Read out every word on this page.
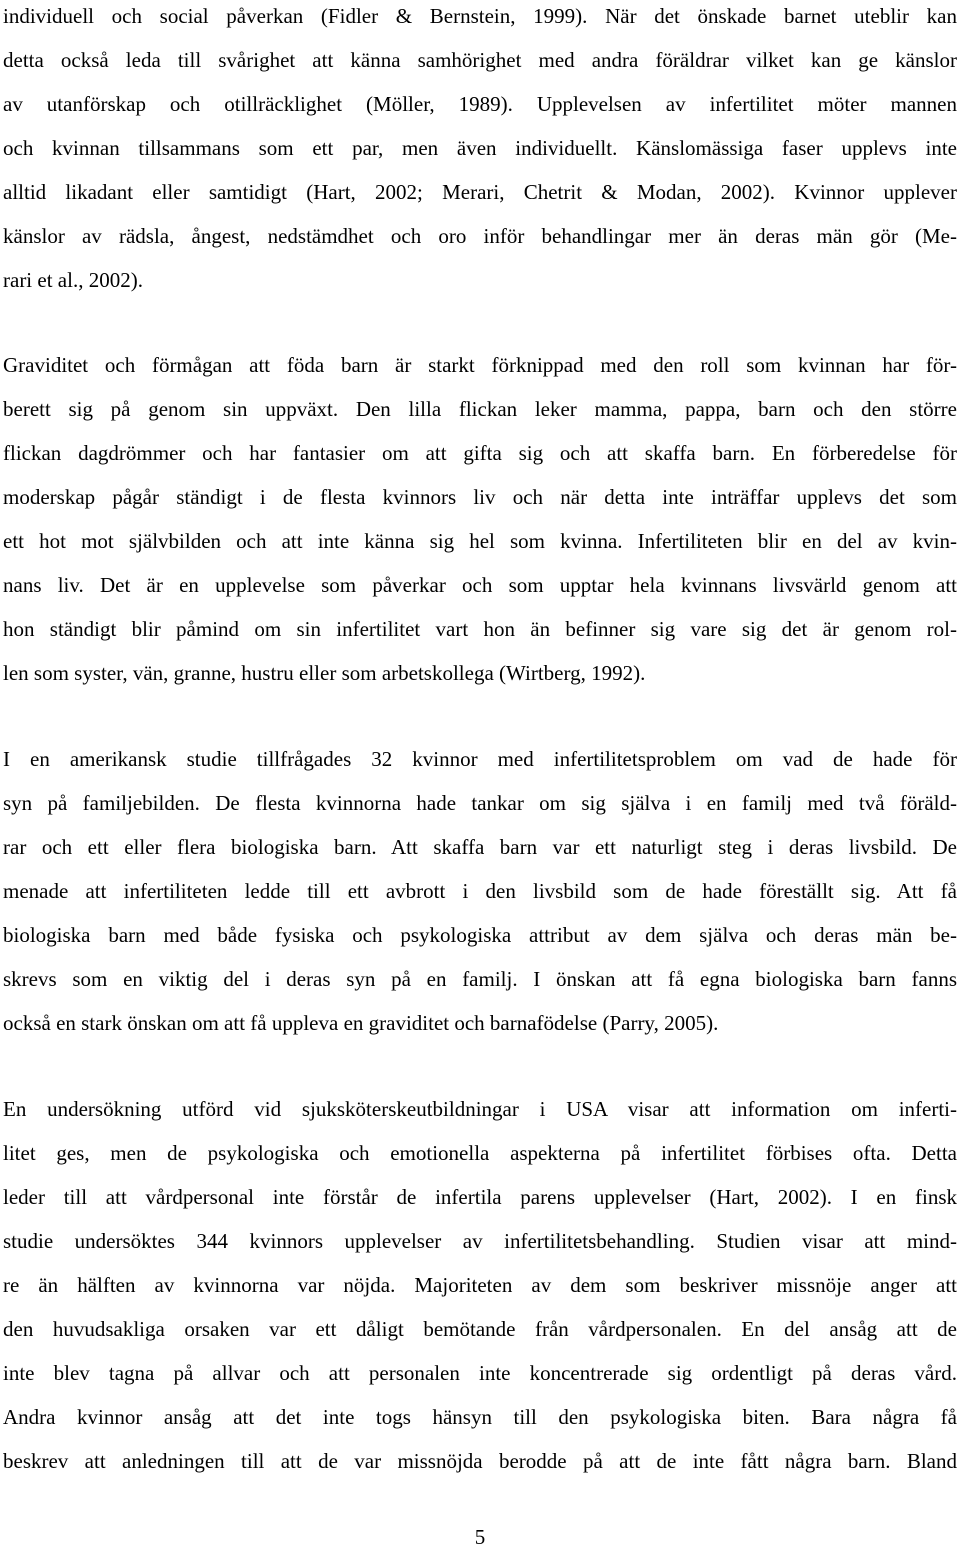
individuell och social påverkan (Fidler & Bernstein, 1999). När det önskade barnet uteblir kan
detta också leda till svårighet att känna samhörighet med andra föräldrar vilket kan ge känslor
av utanförskap och otillräcklighet (Möller, 1989). Upplevelsen av infertilitet möter mannen
och kvinnan tillsammans som ett par, men även individuellt. Känslomässiga faser upplevs inte
alltid likadant eller samtidigt (Hart, 2002; Merari, Chetrit & Modan, 2002). Kvinnor upplever
känslor av rädsla, ångest, nedstämdhet och oro inför behandlingar mer än deras män gör (Me-
rari et al., 2002).
Graviditet och förmågan att föda barn är starkt förknippad med den roll som kvinnan har för-
berett sig på genom sin uppväxt. Den lilla flickan leker mamma, pappa, barn och den större
flickan dagdrömmer och har fantasier om att gifta sig och att skaffa barn. En förberedelse för
moderskap pågår ständigt i de flesta kvinnors liv och när detta inte inträffar upplevs det som
ett hot mot självbilden och att inte känna sig hel som kvinna. Infertiliteten blir en del av kvin-
nans liv. Det är en upplevelse som påverkar och som upptar hela kvinnans livsvärld genom att
hon ständigt blir påmind om sin infertilitet vart hon än befinner sig vare sig det är genom rol-
len som syster, vän, granne, hustru eller som arbetskollega (Wirtberg, 1992).
I en amerikansk studie tillfrågades 32 kvinnor med infertilitetsproblem om vad de hade för
syn på familjebilden. De flesta kvinnorna hade tankar om sig själva i en familj med två föräld-
rar och ett eller flera biologiska barn. Att skaffa barn var ett naturligt steg i deras livsbild. De
menade att infertiliteten ledde till ett avbrott i den livsbild som de hade föreställt sig. Att få
biologiska barn med både fysiska och psykologiska attribut av dem själva och deras män be-
skrevs som en viktig del i deras syn på en familj. I önskan att få egna biologiska barn fanns
också en stark önskan om att få uppleva en graviditet och barnafödelse (Parry, 2005).
En undersökning utförd vid sjuksköterskeutbildningar i USA visar att information om inferti-
litet ges, men de psykologiska och emotionella aspekterna på infertilitet förbises ofta. Detta
leder till att vårdpersonal inte förstår de infertila parens upplevelser (Hart, 2002). I en finsk
studie undersöktes 344 kvinnors upplevelser av infertilitetsbehandling. Studien visar att mind-
re än hälften av kvinnorna var nöjda. Majoriteten av dem som beskriver missnöje anger att
den huvudsakliga orsaken var ett dåligt bemötande från vårdpersonalen. En del ansåg att de
inte blev tagna på allvar och att personalen inte koncentrerade sig ordentligt på deras vård.
Andra kvinnor ansåg att det inte togs hänsyn till den psykologiska biten. Bara några få
beskrev att anledningen till att de var missnöjda berodde på att de inte fått några barn. Bland
5
